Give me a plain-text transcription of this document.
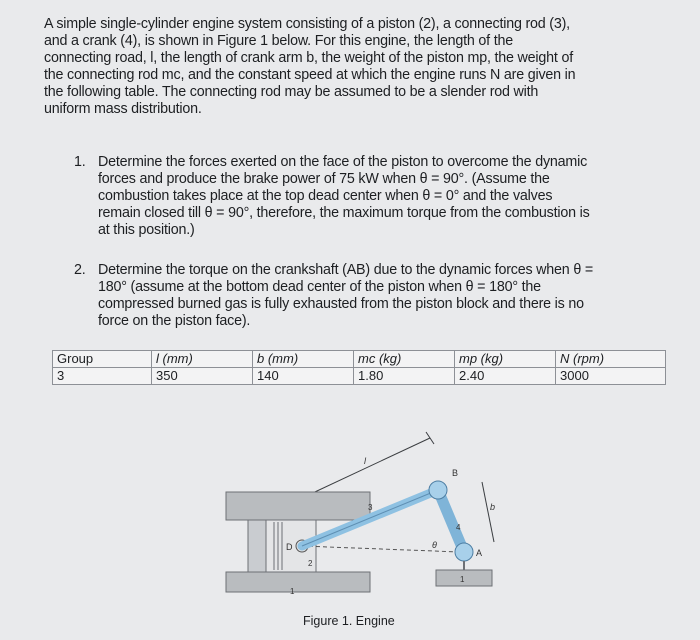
A simple single-cylinder engine system consisting of a piston (2), a connecting rod (3),
and a crank (4), is shown in Figure 1 below. For this engine, the length of the
connecting road, l, the length of crank arm b, the weight of the piston mp, the weight of
the connecting rod mc, and the constant speed at which the engine runs N are given in
the following table. The connecting rod may be assumed to be a slender rod with
uniform mass distribution.
1. Determine the forces exerted on the face of the piston to overcome the dynamic
forces and produce the brake power of 75 kW when θ = 90°. (Assume the
combustion takes place at the top dead center when θ = 0° and the valves
remain closed till θ = 90°, therefore, the maximum torque from the combustion is
at this position.)
2. Determine the torque on the crankshaft (AB) due to the dynamic forces when θ =
180° (assume at the bottom dead center of the piston when θ = 180° the
compressed burned gas is fully exhausted from the piston block and there is no
force on the piston face).
Group	l (mm)	b (mm)	mc (kg)	mp (kg)	N (rpm)
3	350	140	1.80	2.40	3000
l
D
2
3
B
A
4
θ
b
1
1
Figure 1. Engine
